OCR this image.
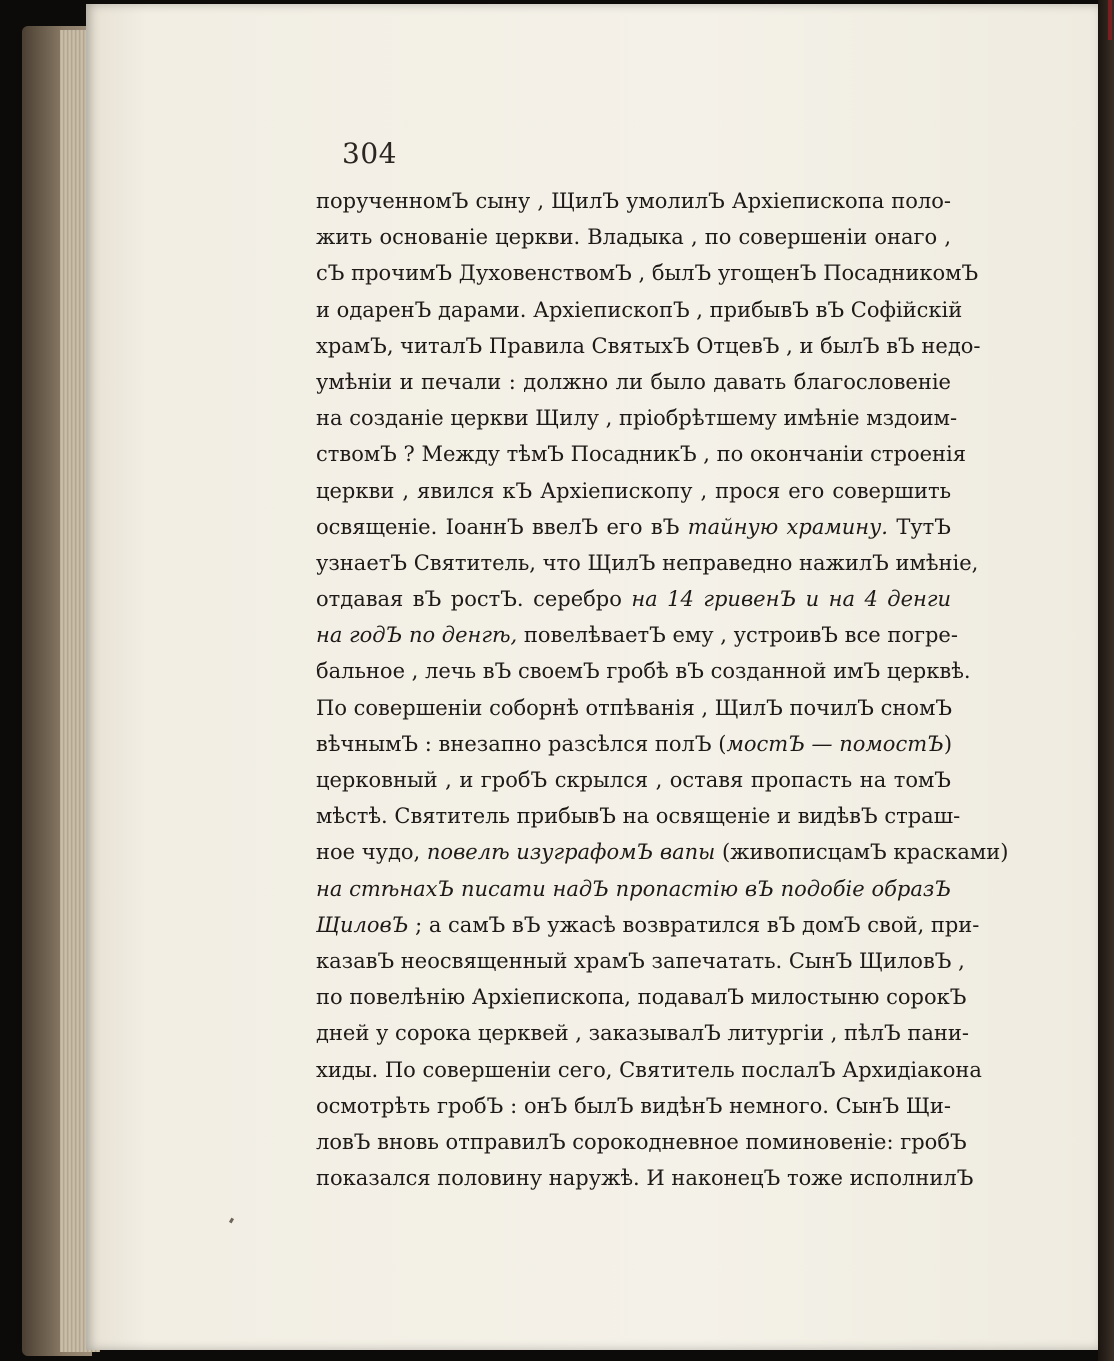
304
порученномЪ сыну , ЩилЪ умолилЪ Архіепископа поло-
жить основаніе церкви. Владыка , по совершеніи онаго ,
сЪ прочимЪ ДуховенствомЪ , былЪ угощенЪ ПосадникомЪ
и одаренЪ дарами. АрхіепископЪ , прибывЪ вЪ Софійскій
храмЪ, читалЪ Правила СвятыхЪ ОтцевЪ , и былЪ вЪ недо-
умѣніи и печали : должно ли было давать благословеніе
на созданіе церкви Щилу , пріобрѣтшему имѣніе мздоим-
ствомЪ ? Между тѣмЪ ПосадникЪ , по окончаніи строенія
церкви , явился кЪ Архіепископу , прося его совершить
освященіе. ІоаннЪ ввелЪ его вЪ тайную храмину. ТутЪ
узнаетЪ Святитель, что ЩилЪ неправедно нажилЪ имѣніе,
отдавая вЪ ростЪ. серебро на 14 гривенЪ и на 4 денги
на годЪ по денгѣ, повелѣваетЪ ему , устроивЪ все погре-
бальное , лечь вЪ своемЪ гробѣ вЪ созданной имЪ церквѣ.
По совершеніи соборнѣ отпѣванія , ЩилЪ почилЪ сномЪ
вѣчнымЪ : внезапно разсѣлся полЪ (мостЪ — помостЪ)
церковный , и гробЪ скрылся , оставя пропасть на томЪ
мѣстѣ. Святитель прибывЪ на освященіе и видѣвЪ страш-
ное чудо, повелѣ изуграфомЪ вапы (живописцамЪ красками)
на стѣнахЪ писати надЪ пропастію вЪ подобіе образЪ
ЩиловЪ ; а самЪ вЪ ужасѣ возвратился вЪ домЪ свой, при-
казавЪ неосвященный храмЪ запечатать. СынЪ ЩиловЪ ,
по повелѣнію Архіепископа, подавалЪ милостыню сорокЪ
дней у сорока церквей , заказывалЪ литургіи , пѣлЪ пани-
хиды. По совершеніи сего, Святитель послалЪ Архидіакона
осмотрѣть гробЪ : онЪ былЪ видѣнЪ немного. СынЪ Щи-
ловЪ вновь отправилЪ сорокодневное поминовеніе: гробЪ
показался половину наружѣ. И наконецЪ тоже исполнилЪ
